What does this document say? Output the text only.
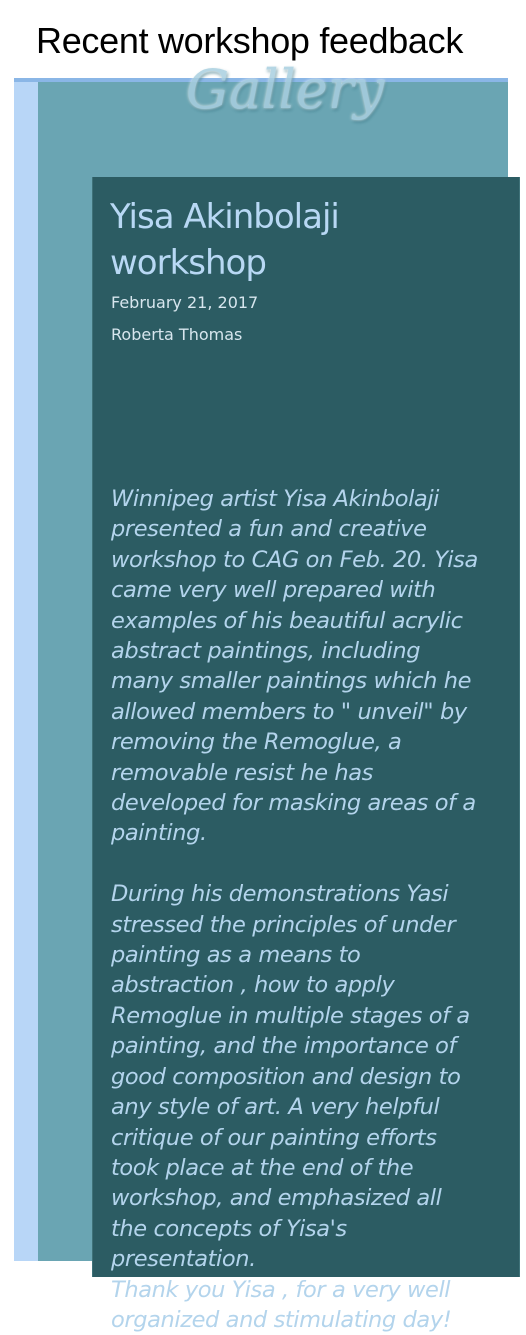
Recent workshop feedback
Gallery
Yisa Akinbolaji
workshop
February 21, 2017
Roberta Thomas

Winnipeg artist Yisa Akinbolaji
presented a fun and creative
workshop to CAG on Feb. 20. Yisa
came very well prepared with
examples of his beautiful acrylic
abstract paintings, including
many smaller paintings which he
allowed members to " unveil" by
removing the Remoglue, a
removable resist he has
developed for masking areas of a
painting.

During his demonstrations Yasi
stressed the principles of under
painting as a means to
abstraction , how to apply
Remoglue in multiple stages of a
painting, and the importance of
good composition and design to
any style of art. A very helpful
critique of our painting efforts
took place at the end of the
workshop, and emphasized all
the concepts of Yisa's
presentation.

Thank you Yisa , for a very well
organized and stimulating day!
